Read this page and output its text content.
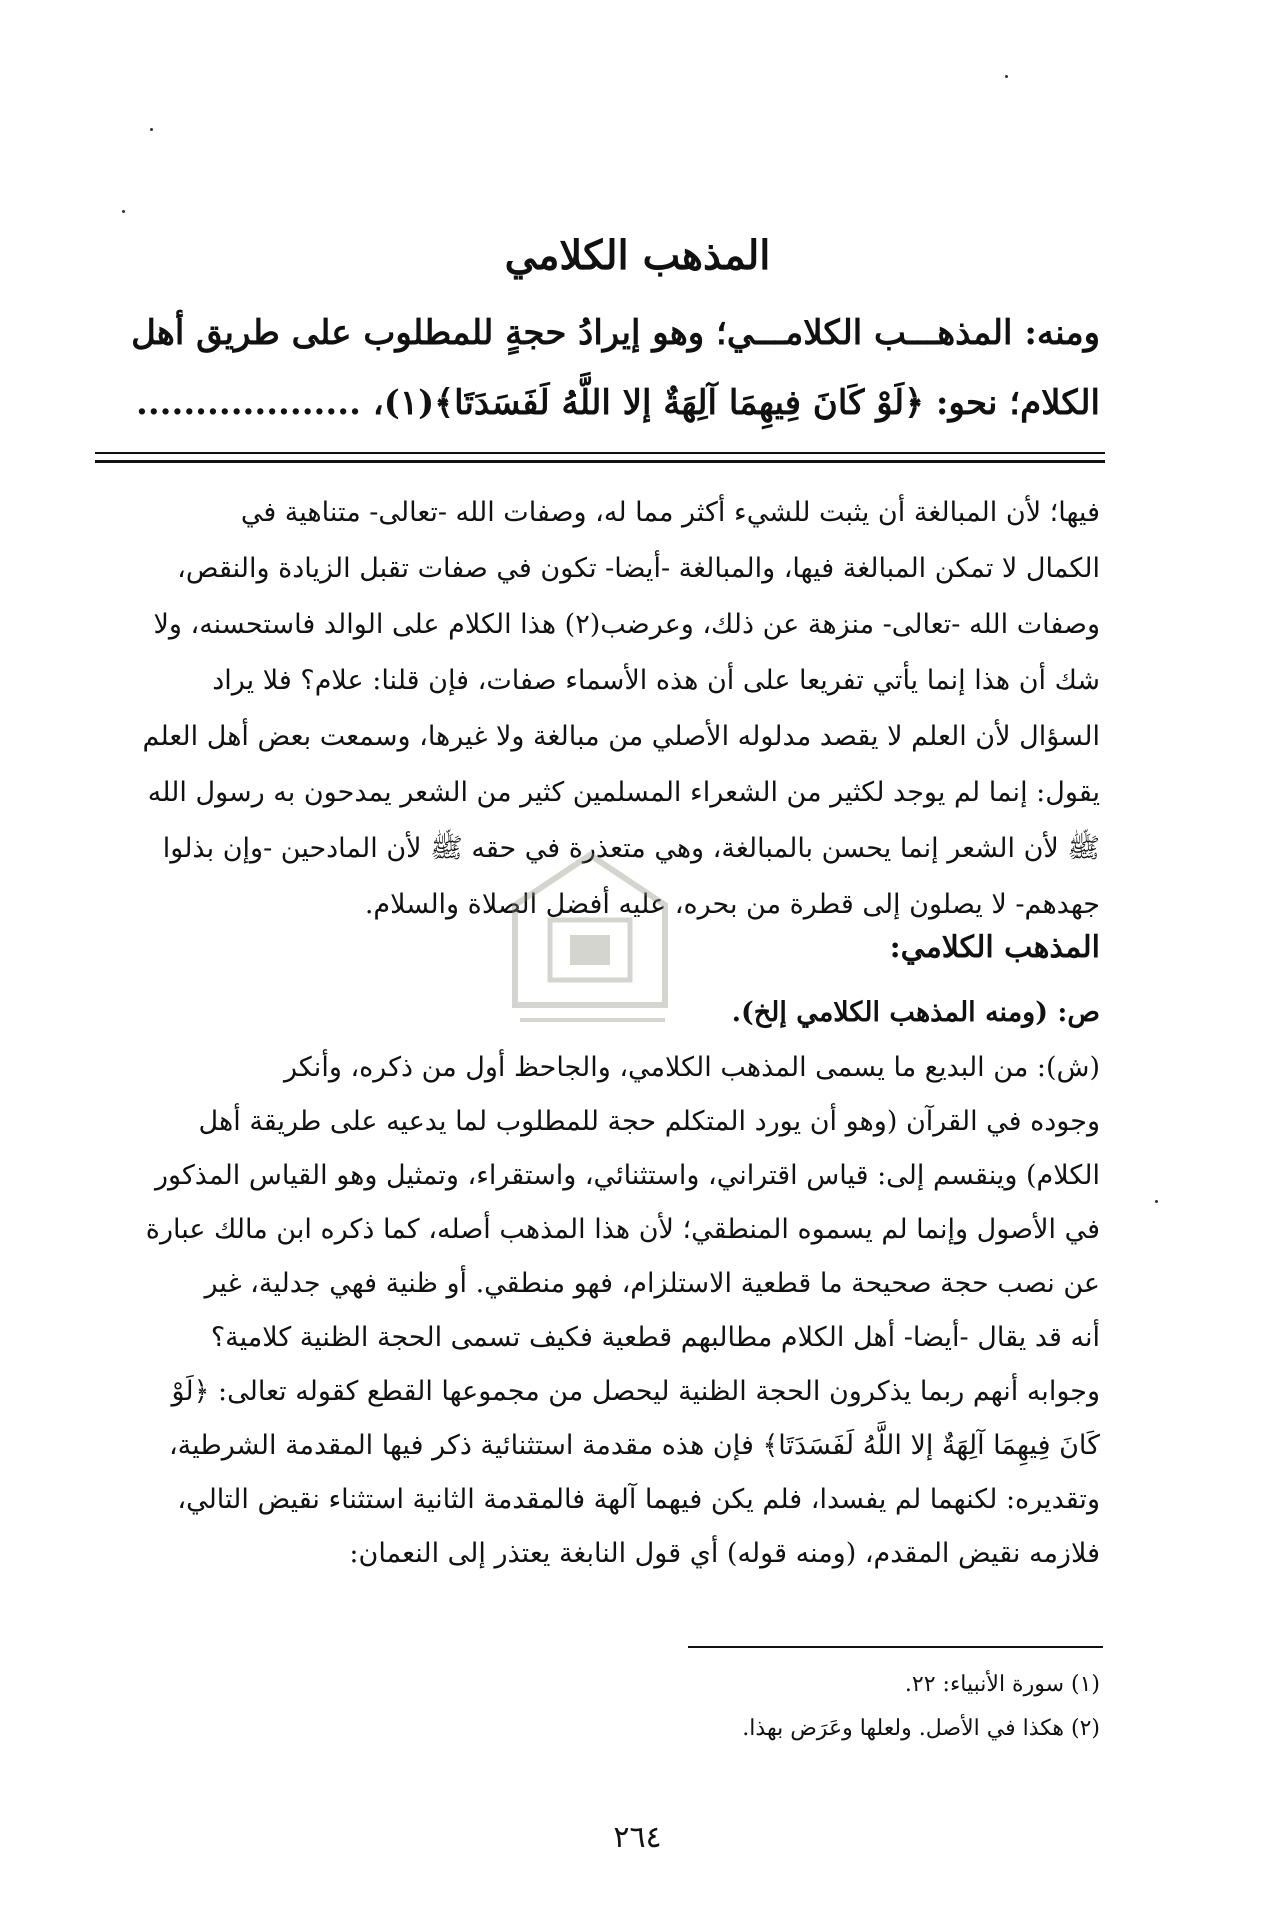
المذهب الكلامي
ومنه: المذهـــب الكلامـــي؛ وهو إيرادُ حجةٍ للمطلوب على طريق أهل
الكلام؛ نحو: ﴿لَوْ كَانَ فِيهِمَا آلِهَةٌ إلا اللَّهُ لَفَسَدَتَا﴾(١)، ...................
فيها؛ لأن المبالغة أن يثبت للشيء أكثر مما له، وصفات الله -تعالى- متناهية في
الكمال لا تمكن المبالغة فيها، والمبالغة -أيضا- تكون في صفات تقبل الزيادة والنقص،
وصفات الله -تعالى- منزهة عن ذلك، وعرضب(٢) هذا الكلام على الوالد فاستحسنه، ولا
شك أن هذا إنما يأتي تفريعا على أن هذه الأسماء صفات، فإن قلنا: علام؟ فلا يراد
السؤال لأن العلم لا يقصد مدلوله الأصلي من مبالغة ولا غيرها، وسمعت بعض أهل العلم
يقول: إنما لم يوجد لكثير من الشعراء المسلمين كثير من الشعر يمدحون به رسول الله
ﷺ لأن الشعر إنما يحسن بالمبالغة، وهي متعذرة في حقه ﷺ لأن المادحين -وإن بذلوا
جهدهم- لا يصلون إلى قطرة من بحره، عليه أفضل الصلاة والسلام.
المذهب الكلامي:
ص: (ومنه المذهب الكلامي إلخ).
(ش): من البديع ما يسمى المذهب الكلامي، والجاحظ أول من ذكره، وأنكر
وجوده في القرآن (وهو أن يورد المتكلم حجة للمطلوب لما يدعيه على طريقة أهل
الكلام) وينقسم إلى: قياس اقتراني، واستثنائي، واستقراء، وتمثيل وهو القياس المذكور
في الأصول وإنما لم يسموه المنطقي؛ لأن هذا المذهب أصله، كما ذكره ابن مالك عبارة
عن نصب حجة صحيحة ما قطعية الاستلزام، فهو منطقي. أو ظنية فهي جدلية، غير
أنه قد يقال -أيضا- أهل الكلام مطالبهم قطعية فكيف تسمى الحجة الظنية كلامية؟
وجوابه أنهم ربما يذكرون الحجة الظنية ليحصل من مجموعها القطع كقوله تعالى: ﴿لَوْ
كَانَ فِيهِمَا آلِهَةٌ إلا اللَّهُ لَفَسَدَتَا﴾ فإن هذه مقدمة استثنائية ذكر فيها المقدمة الشرطية،
وتقديره: لكنهما لم يفسدا، فلم يكن فيهما آلهة فالمقدمة الثانية استثناء نقيض التالي،
فلازمه نقيض المقدم، (ومنه قوله) أي قول النابغة يعتذر إلى النعمان:
(١) سورة الأنبياء: ٢٢.
(٢) هكذا في الأصل. ولعلها وعَرَض بهذا.
٢٦٤
